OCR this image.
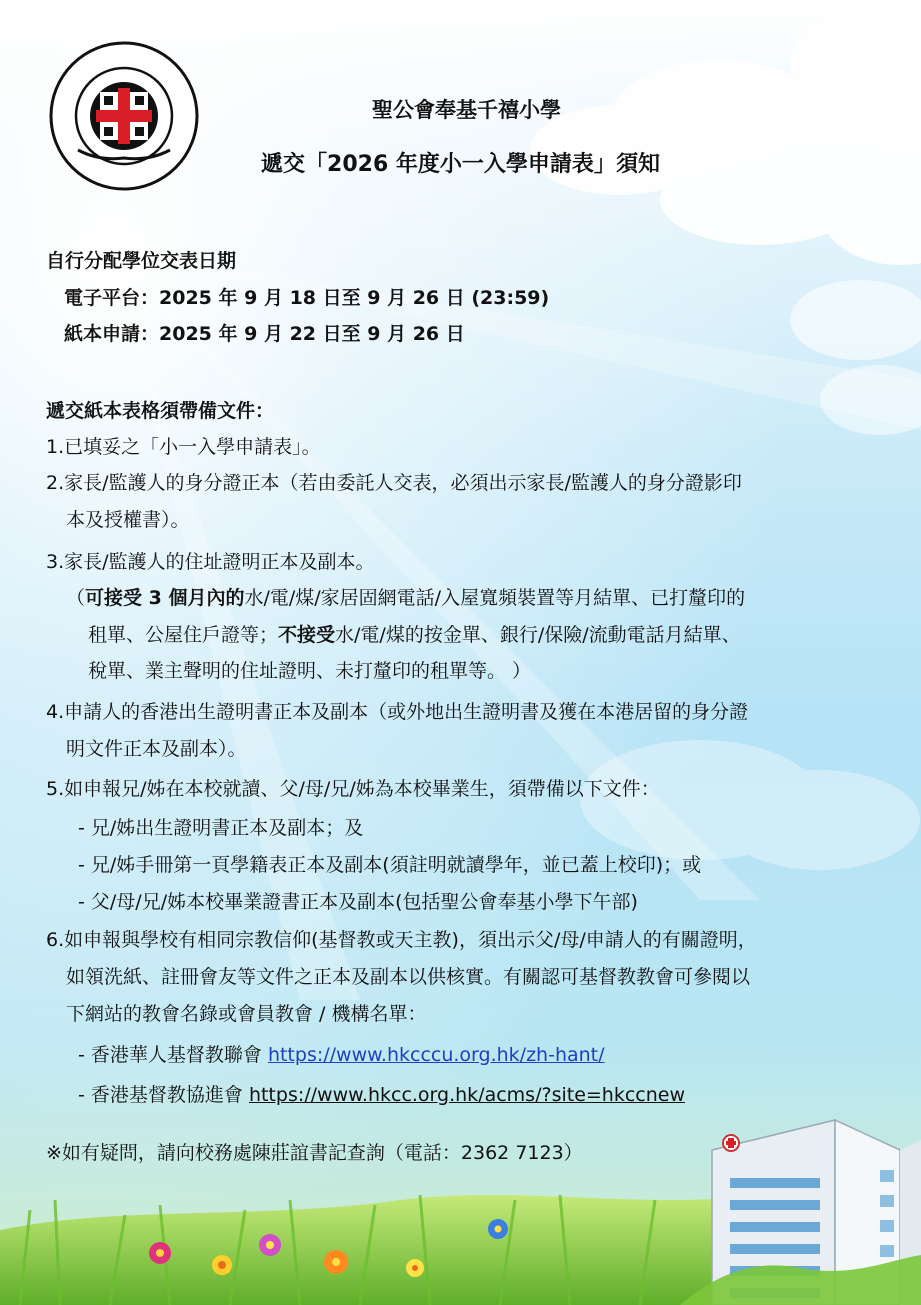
聖公會奉基千禧小學
遞交「2026 年度小一入學申請表」須知
自行分配學位交表日期
電子平台：2025 年 9 月 18 日至 9 月 26 日 (23:59)
紙本申請：2025 年 9 月 22 日至 9 月 26 日
遞交紙本表格須帶備文件：
1.已填妥之「小一入學申請表」。
2.家長/監護人的身分證正本（若由委託人交表，必須出示家長/監護人的身分證影印
本及授權書）。
3.家長/監護人的住址證明正本及副本。
（可接受 3 個月內的水/電/煤/家居固網電話/入屋寬頻裝置等月結單、已打釐印的
租單、公屋住戶證等；不接受水/電/煤的按金單、銀行/保險/流動電話月結單、
稅單、業主聲明的住址證明、未打釐印的租單等。 ）
4.申請人的香港出生證明書正本及副本（或外地出生證明書及獲在本港居留的身分證
明文件正本及副本）。
5.如申報兄/姊在本校就讀、父/母/兄/姊為本校畢業生，須帶備以下文件：
- 兄/姊出生證明書正本及副本；及
- 兄/姊手冊第一頁學籍表正本及副本(須註明就讀學年，並已蓋上校印)；或
- 父/母/兄/姊本校畢業證書正本及副本(包括聖公會奉基小學下午部)
6.如申報與學校有相同宗教信仰(基督教或天主教)，須出示父/母/申請人的有關證明，
如領洗紙、註冊會友等文件之正本及副本以供核實。有關認可基督教教會可參閱以
下網站的教會名錄或會員教會 / 機構名單：
- 香港華人基督教聯會 https://www.hkcccu.org.hk/zh-hant/
- 香港基督教協進會 https://www.hkcc.org.hk/acms/?site=hkccnew
※如有疑問，請向校務處陳莊誼書記查詢（電話：2362 7123）
